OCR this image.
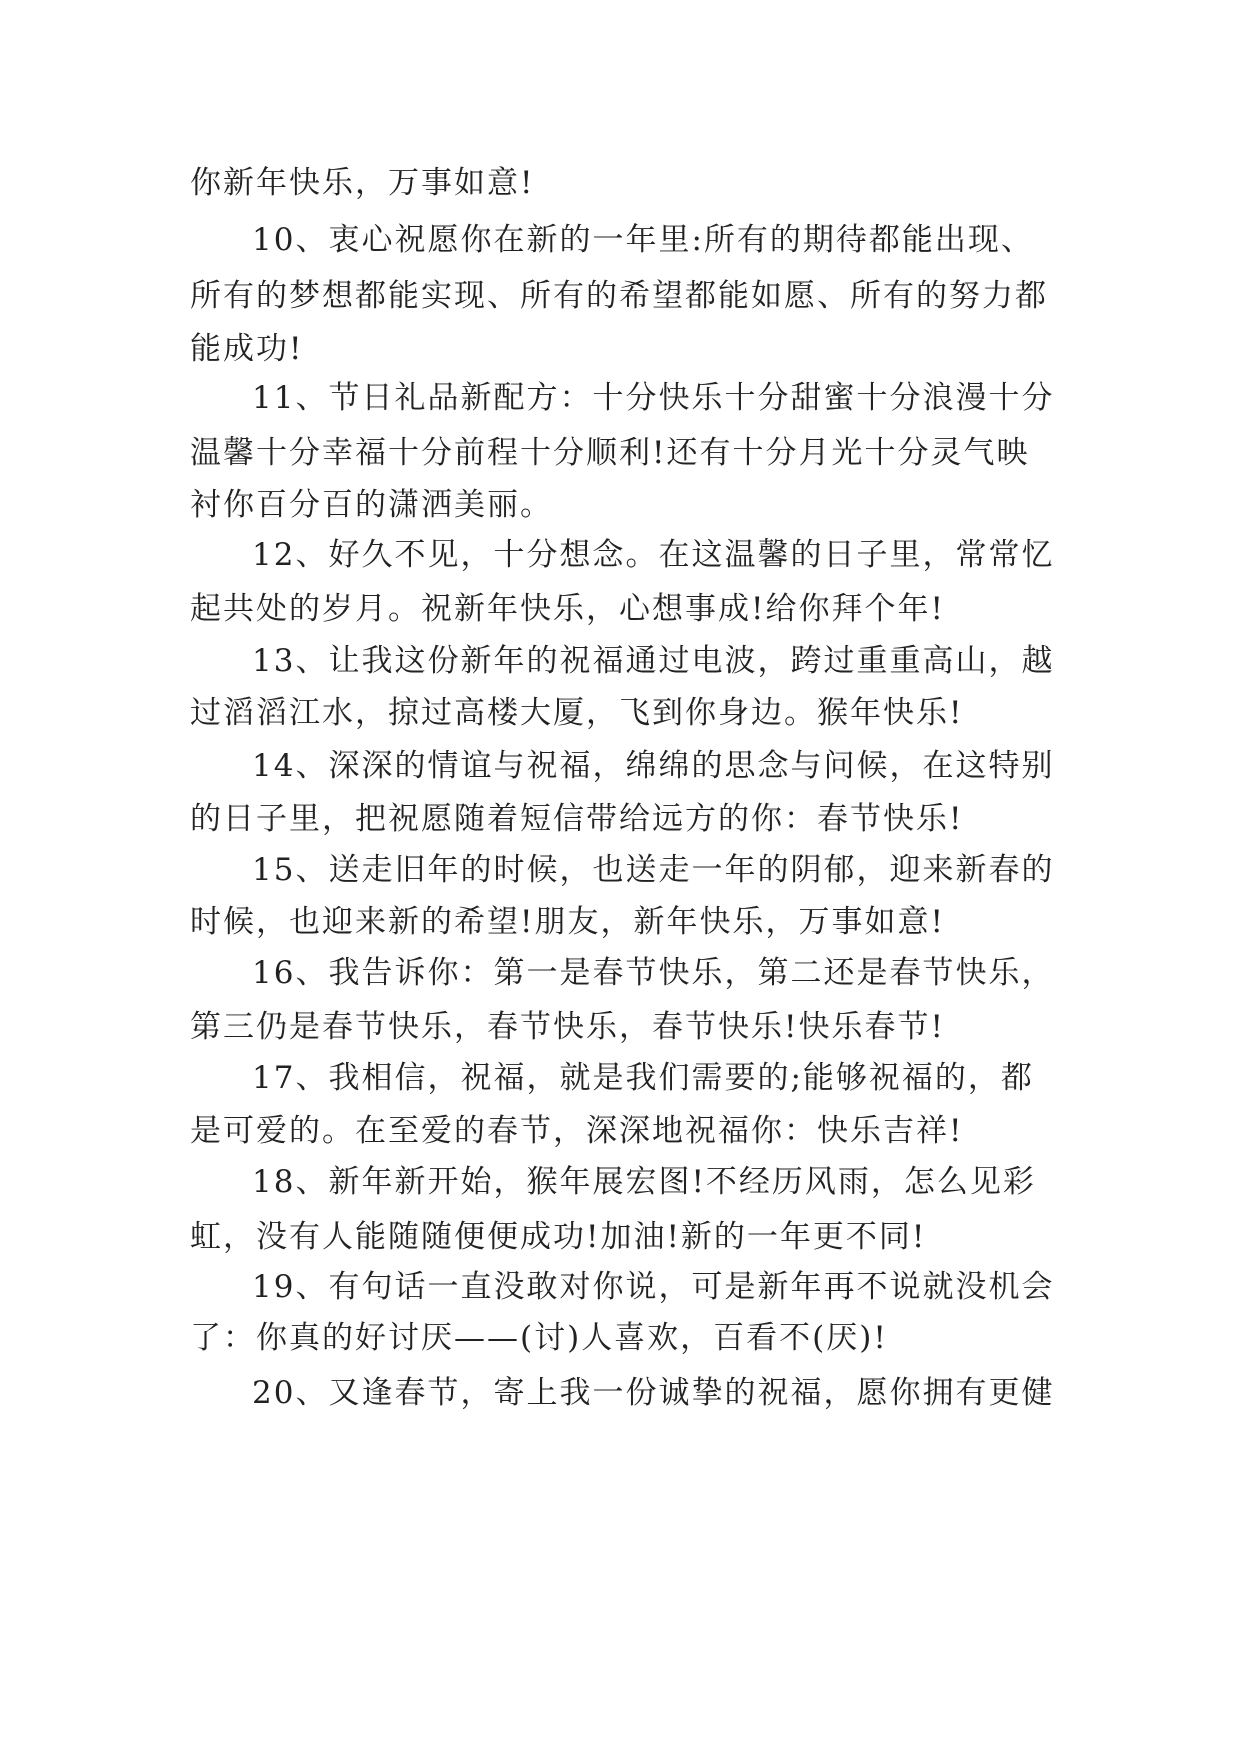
你新年快乐，万事如意!
10、衷心祝愿你在新的一年里:所有的期待都能出现、
所有的梦想都能实现、所有的希望都能如愿、所有的努力都
能成功!
11、节日礼品新配方：十分快乐十分甜蜜十分浪漫十分
温馨十分幸福十分前程十分顺利!还有十分月光十分灵气映
衬你百分百的潇洒美丽。
12、好久不见，十分想念。在这温馨的日子里，常常忆
起共处的岁月。祝新年快乐，心想事成!给你拜个年!
13、让我这份新年的祝福通过电波，跨过重重高山，越
过滔滔江水，掠过高楼大厦，飞到你身边。猴年快乐!
14、深深的情谊与祝福，绵绵的思念与问候，在这特别
的日子里，把祝愿随着短信带给远方的你：春节快乐!
15、送走旧年的时候，也送走一年的阴郁，迎来新春的
时候，也迎来新的希望!朋友，新年快乐，万事如意!
16、我告诉你：第一是春节快乐，第二还是春节快乐，
第三仍是春节快乐，春节快乐，春节快乐!快乐春节!
17、我相信，祝福，就是我们需要的;能够祝福的，都
是可爱的。在至爱的春节，深深地祝福你：快乐吉祥!
18、新年新开始，猴年展宏图!不经历风雨，怎么见彩
虹，没有人能随随便便成功!加油!新的一年更不同!
19、有句话一直没敢对你说，可是新年再不说就没机会
了：你真的好讨厌——(讨)人喜欢，百看不(厌)!
20、又逢春节，寄上我一份诚挚的祝福，愿你拥有更健
